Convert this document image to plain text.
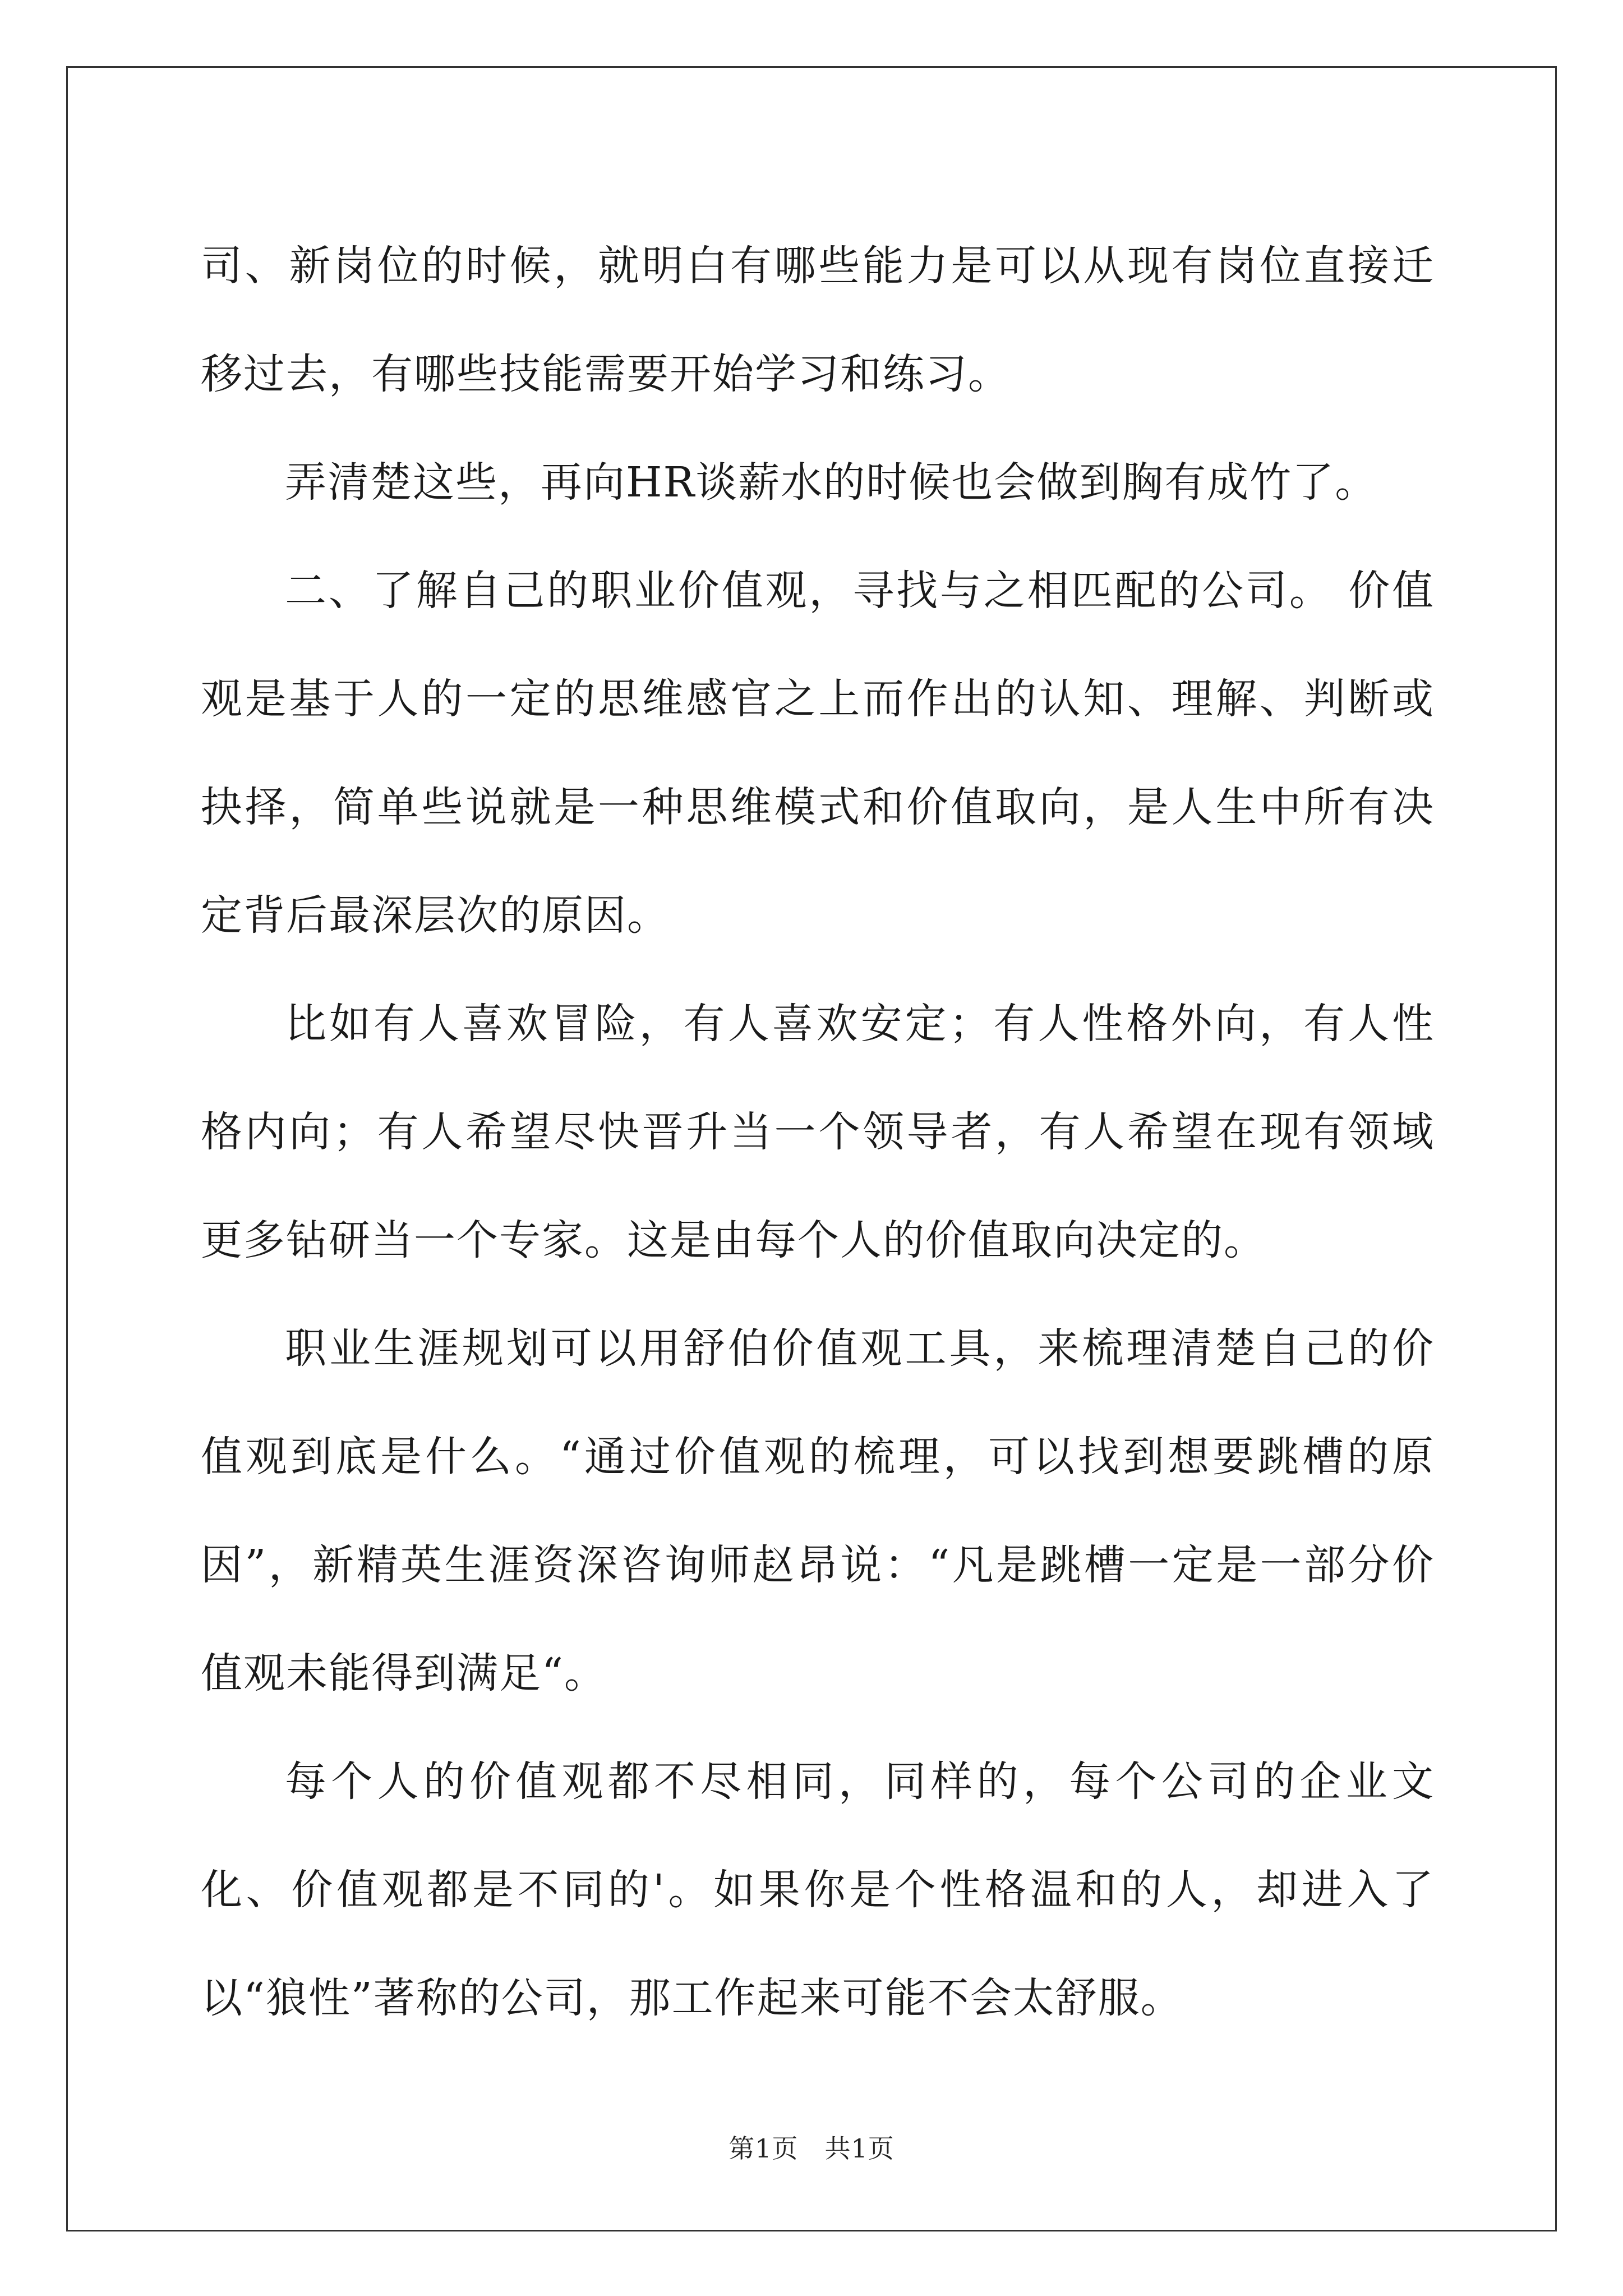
司、新岗位的时候，就明白有哪些能力是可以从现有岗位直接迁移过去，有哪些技能需要开始学习和练习。

弄清楚这些，再向HR谈薪水的时候也会做到胸有成竹了。

二、了解自己的职业价值观，寻找与之相匹配的公司。 价值观是基于人的一定的思维感官之上而作出的认知、理解、判断或抉择，简单些说就是一种思维模式和价值取向，是人生中所有决定背后最深层次的原因。

比如有人喜欢冒险，有人喜欢安定；有人性格外向，有人性格内向；有人希望尽快晋升当一个领导者，有人希望在现有领域更多钻研当一个专家。这是由每个人的价值取向决定的。

职业生涯规划可以用舒伯价值观工具，来梳理清楚自己的价值观到底是什么。“通过价值观的梳理，可以找到想要跳槽的原因”，新精英生涯资深咨询师赵昂说：“凡是跳槽一定是一部分价值观未能得到满足“。

每个人的价值观都不尽相同，同样的，每个公司的企业文化、价值观都是不同的'。如果你是个性格温和的人，却进入了以“狼性”著称的公司，那工作起来可能不会太舒服。

第1页　共1页
